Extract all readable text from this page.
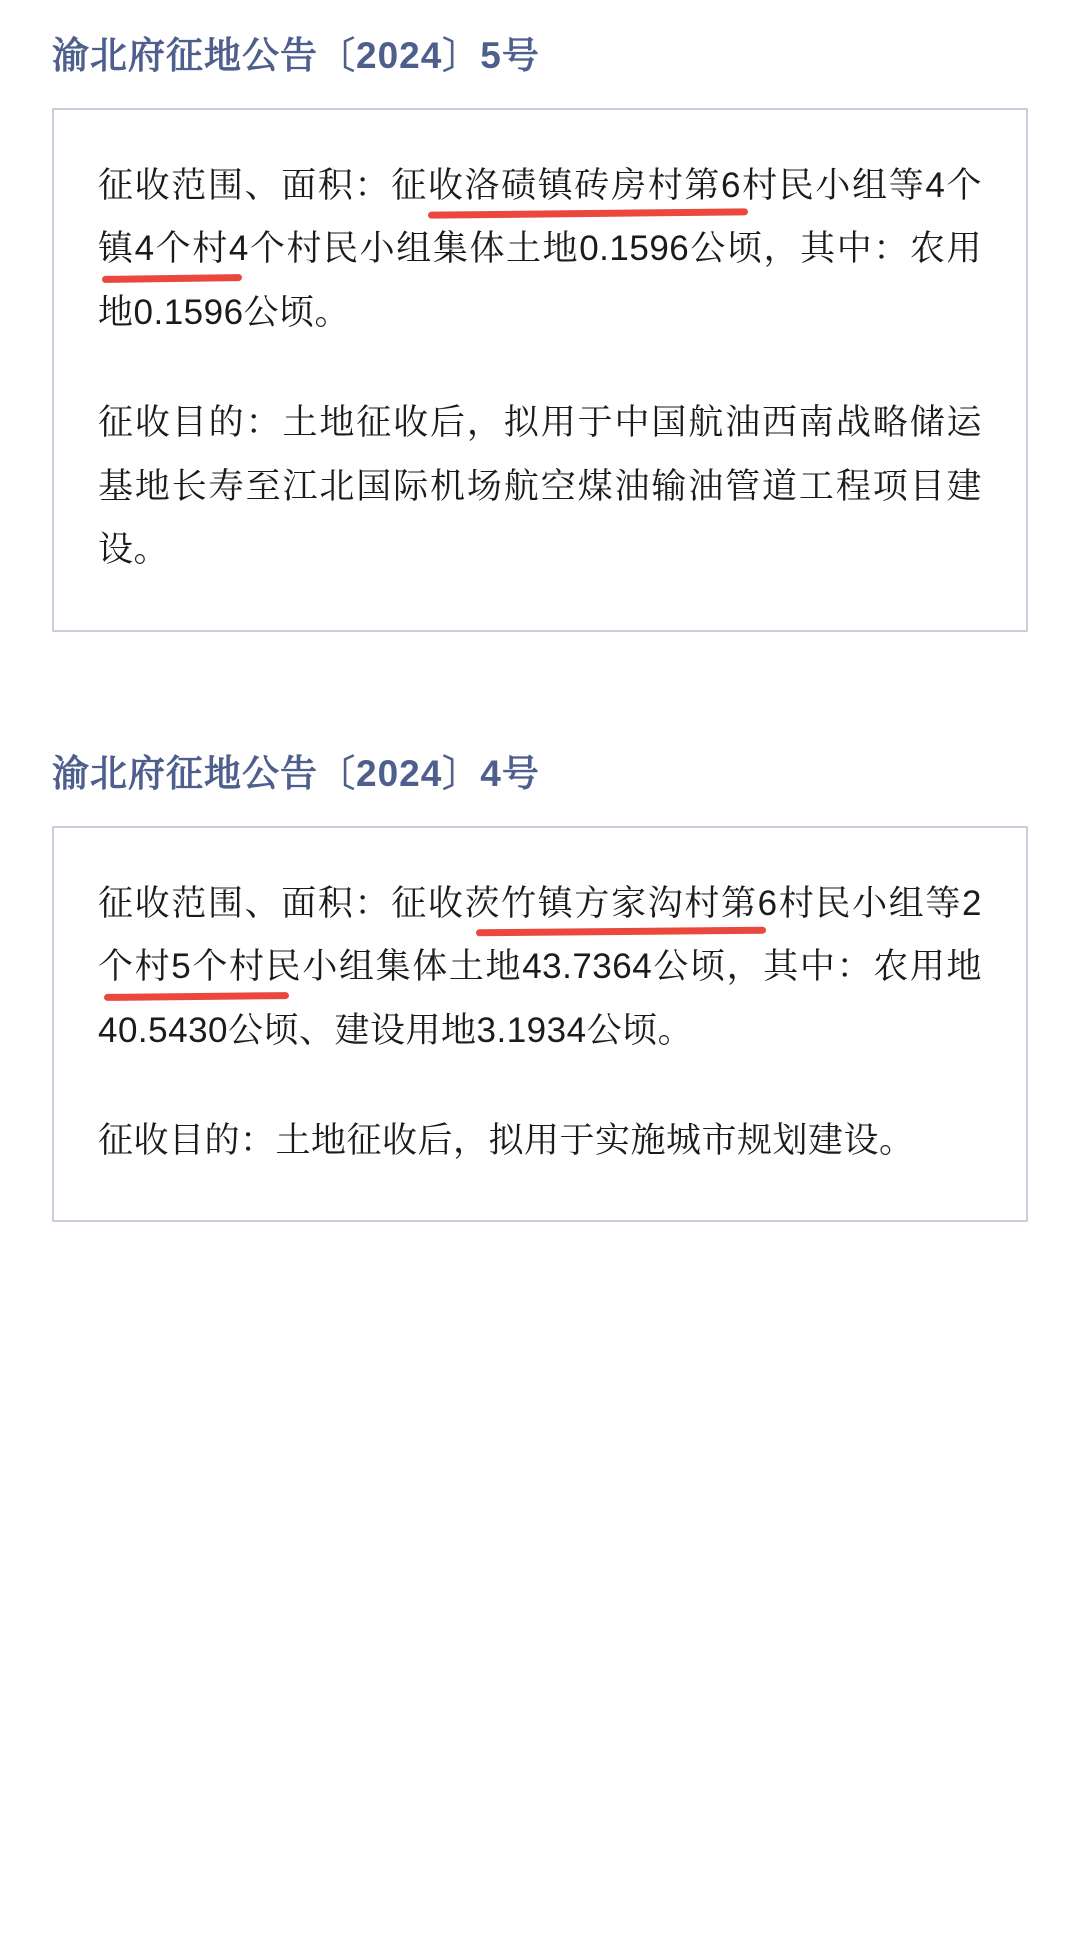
渝北府征地公告〔2024〕5号

征收范围、面积：征收洛碛镇砖房村第6村民小组等4个镇4个村4个村民小组集体土地0.1596公顷，其中：农用地0.1596公顷。

征收目的：土地征收后，拟用于中国航油西南战略储运基地长寿至江北国际机场航空煤油输油管道工程项目建设。

渝北府征地公告〔2024〕4号

征收范围、面积：征收茨竹镇方家沟村第6村民小组等2个村5个村民小组集体土地43.7364公顷，其中：农用地40.5430公顷、建设用地3.1934公顷。

征收目的：土地征收后，拟用于实施城市规划建设。
